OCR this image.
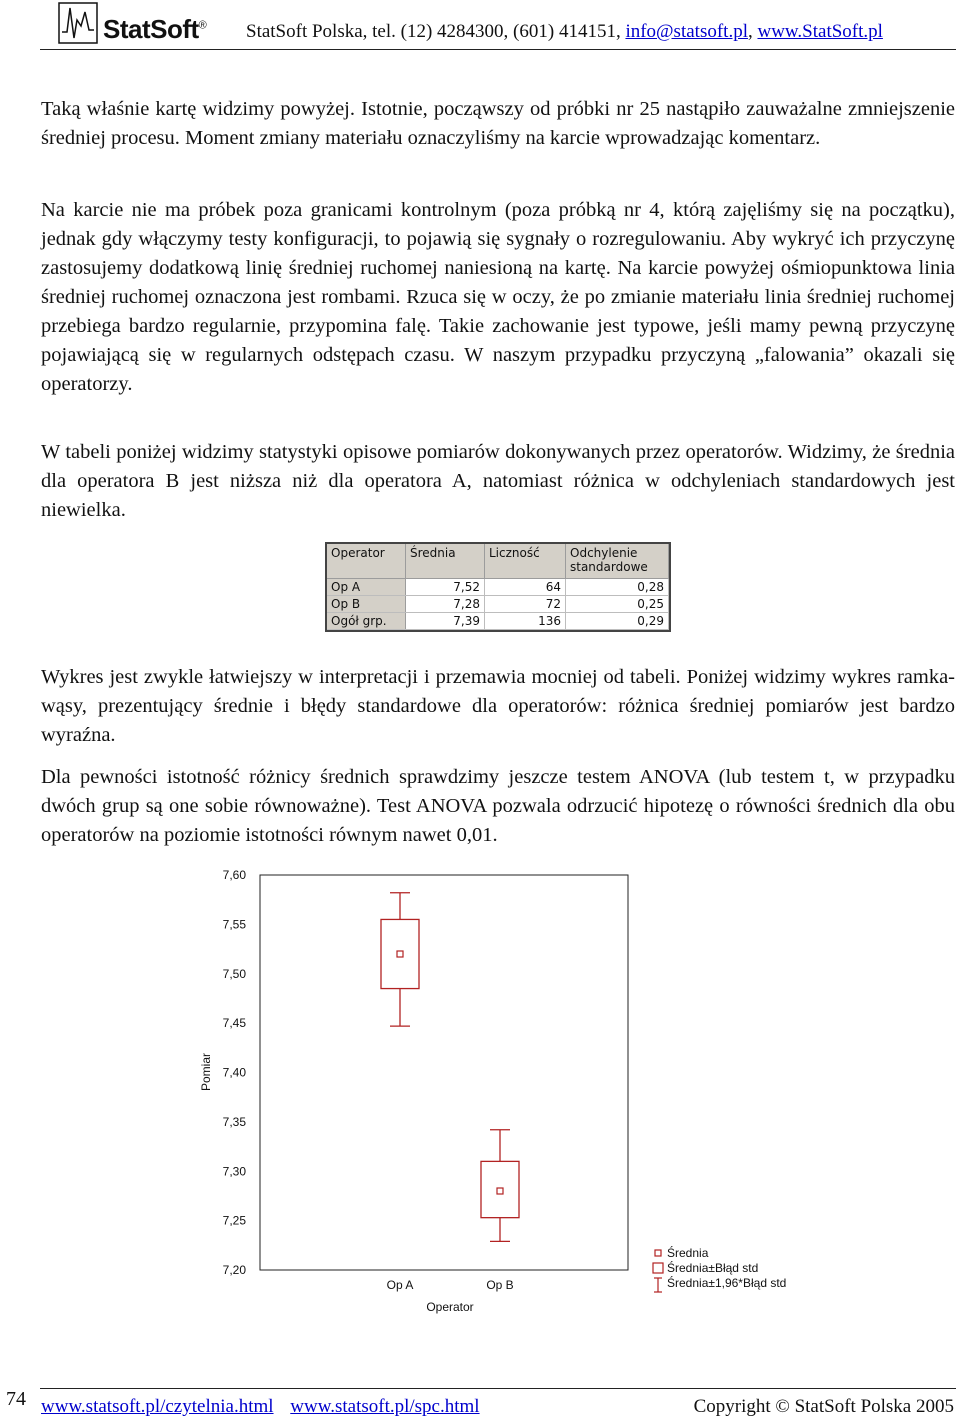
StatSoft® StatSoft Polska, tel. (12) 4284300, (601) 414151, info@statsoft.pl, www.StatSoft.pl

Taką właśnie kartę widzimy powyżej. Istotnie, począwszy od próbki nr 25 nastąpiło zauważalne zmniejszenie średniej procesu. Moment zmiany materiału oznaczyliśmy na karcie wprowadzając komentarz.

Na karcie nie ma próbek poza granicami kontrolnym (poza próbką nr 4, którą zajęliśmy się na początku), jednak gdy włączymy testy konfiguracji, to pojawią się sygnały o rozregulowaniu. Aby wykryć ich przyczynę zastosujemy dodatkową linię średniej ruchomej naniesioną na kartę. Na karcie powyżej ośmiopunktowa linia średniej ruchomej oznaczona jest rombami. Rzuca się w oczy, że po zmianie materiału linia średniej ruchomej przebiega bardzo regularnie, przypomina falę. Takie zachowanie jest typowe, jeśli mamy pewną przyczynę pojawiającą się w regularnych odstępach czasu. W naszym przypadku przyczyną „falowania” okazali się operatorzy.

W tabeli poniżej widzimy statystyki opisowe pomiarów dokonywanych przez operatorów. Widzimy, że średnia dla operatora B jest niższa niż dla operatora A, natomiast różnica w odchyleniach standardowych jest niewielka.

Operator	Średnia	Liczność	Odchylenie standardowe
Op A	7,52	64	0,28
Op B	7,28	72	0,25
Ogół grp.	7,39	136	0,29

Wykres jest zwykle łatwiejszy w interpretacji i przemawia mocniej od tabeli. Poniżej widzimy wykres ramka-wąsy, prezentujący średnie i błędy standardowe dla operatorów: różnica średniej pomiarów jest bardzo wyraźna.

Dla pewności istotność różnicy średnich sprawdzimy jeszcze testem ANOVA (lub testem t, w przypadku dwóch grup są one sobie równoważne). Test ANOVA pozwala odrzucić hipotezę o równości średnich dla obu operatorów na poziomie istotności równym nawet 0,01.

7,60
7,55
7,50
7,45
7,40
7,35
7,30
7,25
7,20
Op A	Op B
Operator
Pomiar
Średnia
Średnia±Błąd std
Średnia±1,96*Błąd std
74 www.statsoft.pl/czytelnia.html www.statsoft.pl/spc.html	Copyright © StatSoft Polska 2005
